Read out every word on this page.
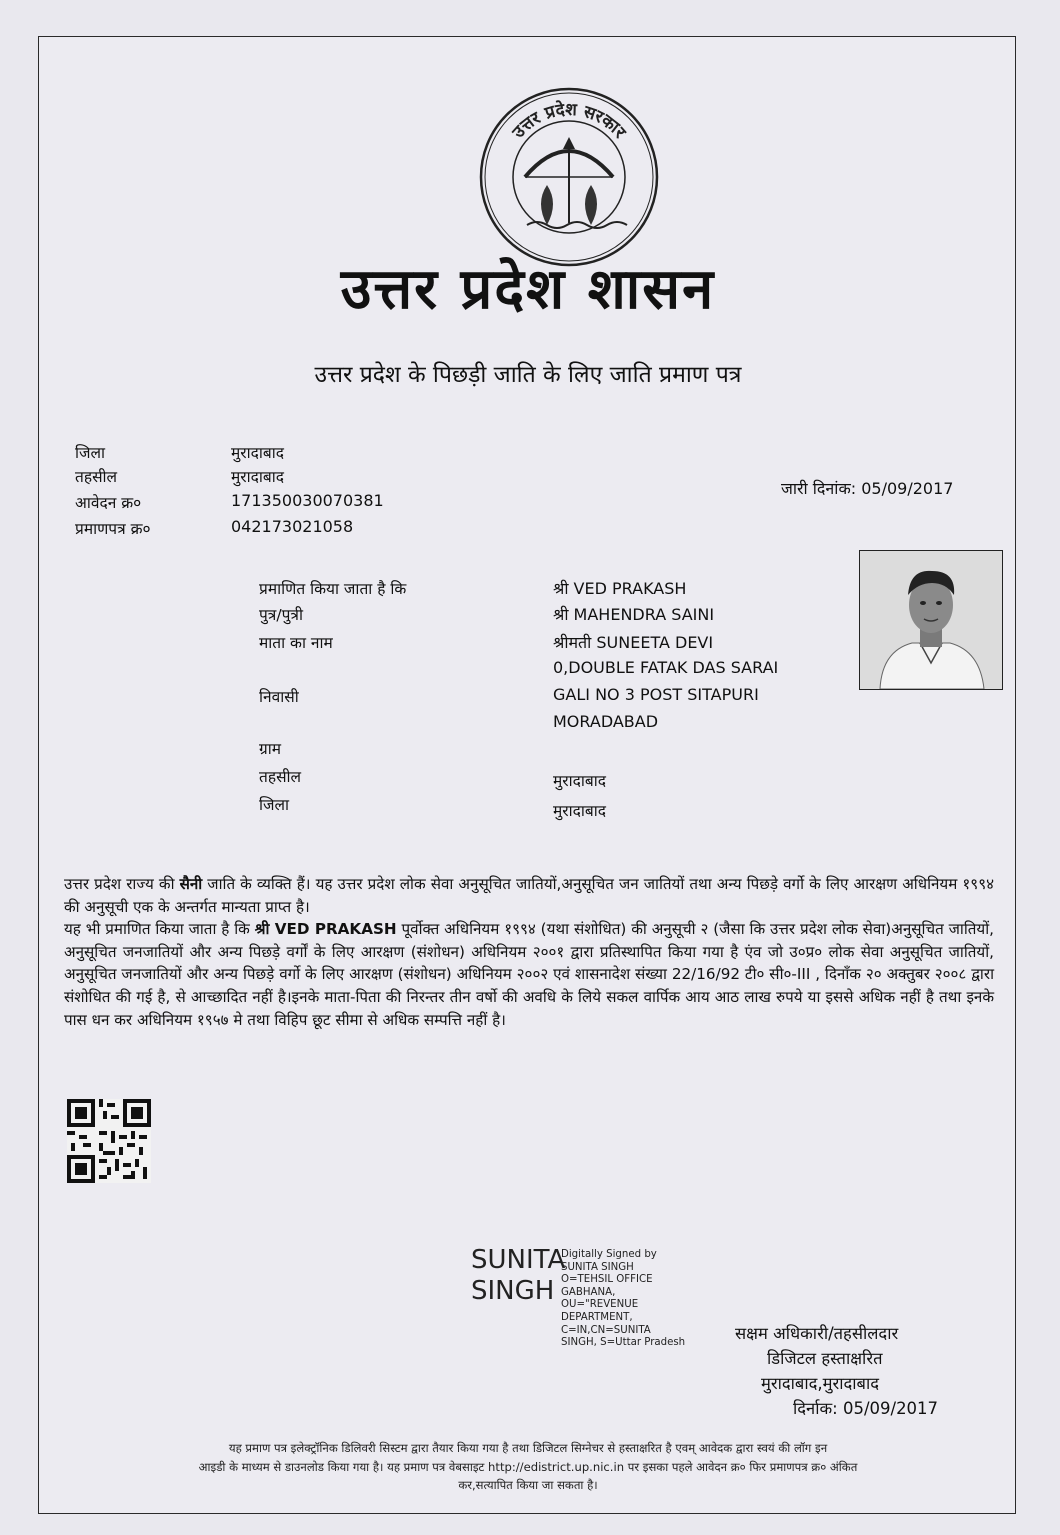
उत्तर प्रदेश सरकार
उत्तर प्रदेश शासन
उत्तर प्रदेश के पिछड़ी जाति के लिए जाति प्रमाण पत्र
जिला	मुरादाबाद
तहसील	मुरादाबाद
आवेदन क्र०	171350030070381
प्रमाणपत्र क्र०	042173021058
जारी दिनांक: 05/09/2017
प्रमाणित किया जाता है कि	श्री VED PRAKASH
पुत्र/पुत्री	श्री MAHENDRA SAINI
माता का नाम	श्रीमती SUNEETA DEVI
0,DOUBLE FATAK DAS SARAI
निवासी	GALI NO 3 POST SITAPURI
MORADABAD
ग्राम
तहसील	मुरादाबाद
जिला	मुरादाबाद
उत्तर प्रदेश राज्य की सैनी जाति के व्यक्ति हैं। यह उत्तर प्रदेश लोक सेवा अनुसूचित जातियों,अनुसूचित जन जातियों तथा अन्य पिछड़े वर्गो के लिए आरक्षण अधिनियम १९९४ की अनुसूची एक के अन्तर्गत मान्यता प्राप्त है।
यह भी प्रमाणित किया जाता है कि श्री VED PRAKASH पूर्वोक्त अधिनियम १९९४ (यथा संशोधित) की अनुसूची २ (जैसा कि उत्तर प्रदेश लोक सेवा)अनुसूचित जातियों, अनुसूचित जनजातियों और अन्य पिछड़े वर्गों के लिए आरक्षण (संशोधन) अधिनियम २००१ द्वारा प्रतिस्थापित किया गया है एंव जो उ०प्र० लोक सेवा अनुसूचित जातियों, अनुसूचित जनजातियों और अन्य पिछड़े वर्गो के लिए आरक्षण (संशोधन) अधिनियम २००२ एवं शासनादेश संख्या 22/16/92 टी० सी०-III , दिनाँक २० अक्तुबर २००८ द्वारा संशोधित की गई है, से आच्छादित नहीं है।इनके माता-पिता की निरन्तर तीन वर्षो की अवधि के लिये सकल वार्पिक आय आठ लाख रुपये या इससे अधिक नहीं है तथा इनके पास धन कर अधिनियम १९५७ मे तथा विहिप छूट सीमा से अधिक सम्पत्ति नहीं है।
SUNITA
SINGH
Digitally Signed by
SUNITA SINGH
O=TEHSIL OFFICE
GABHANA,
OU="REVENUE
DEPARTMENT,
C=IN,CN=SUNITA
SINGH, S=Uttar Pradesh	सक्षम अधिकारी/तहसीलदार
डिजिटल हस्ताक्षरित
मुरादाबाद,मुरादाबाद
दिर्नाक: 05/09/2017
यह प्रमाण पत्र इलेक्ट्रॉनिक डिलिवरी सिस्टम द्वारा तैयार किया गया है तथा डिजिटल सिग्नेचर से हस्ताक्षरित है एवम् आवेदक द्वारा स्वयं की लॉग इन
आइडी के माध्यम से डाउनलोड किया गया है। यह प्रमाण पत्र वेबसाइट http://edistrict.up.nic.in पर इसका पहले आवेदन क्र० फिर प्रमाणपत्र क्र० अंकित
कर,सत्यापित किया जा सकता है।
